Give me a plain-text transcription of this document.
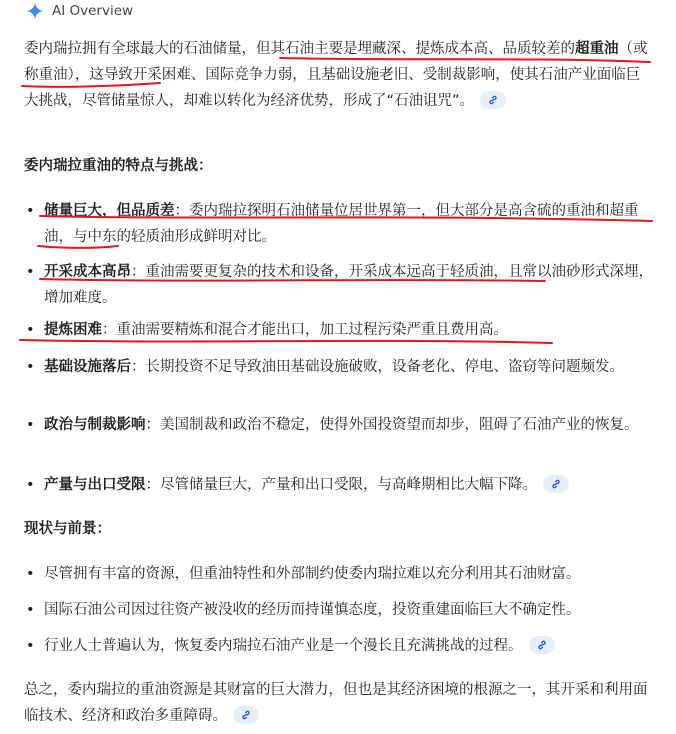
AI Overview
委内瑞拉拥有全球最大的石油储量，但其石油主要是埋藏深、提炼成本高、品质较差的超重油（或称重油），这导致开采困难、国际竞争力弱，且基础设施老旧、受制裁影响，使其石油产业面临巨大挑战，尽管储量惊人，却难以转化为经济优势，形成了“石油诅咒”。
委内瑞拉重油的特点与挑战：
• 储量巨大，但品质差：委内瑞拉探明石油储量位居世界第一，但大部分是高含硫的重油和超重油，与中东的轻质油形成鲜明对比。
• 开采成本高昂：重油需要更复杂的技术和设备，开采成本远高于轻质油，且常以油砂形式深埋，增加难度。
• 提炼困难：重油需要精炼和混合才能出口，加工过程污染严重且费用高。
• 基础设施落后：长期投资不足导致油田基础设施破败，设备老化、停电、盗窃等问题频发。
• 政治与制裁影响：美国制裁和政治不稳定，使得外国投资望而却步，阻碍了石油产业的恢复。
• 产量与出口受限：尽管储量巨大，产量和出口受限，与高峰期相比大幅下降。
现状与前景：
• 尽管拥有丰富的资源，但重油特性和外部制约使委内瑞拉难以充分利用其石油财富。
• 国际石油公司因过往资产被没收的经历而持谨慎态度，投资重建面临巨大不确定性。
• 行业人士普遍认为，恢复委内瑞拉石油产业是一个漫长且充满挑战的过程。
总之，委内瑞拉的重油资源是其财富的巨大潜力，但也是其经济困境的根源之一，其开采和利用面临技术、经济和政治多重障碍。
